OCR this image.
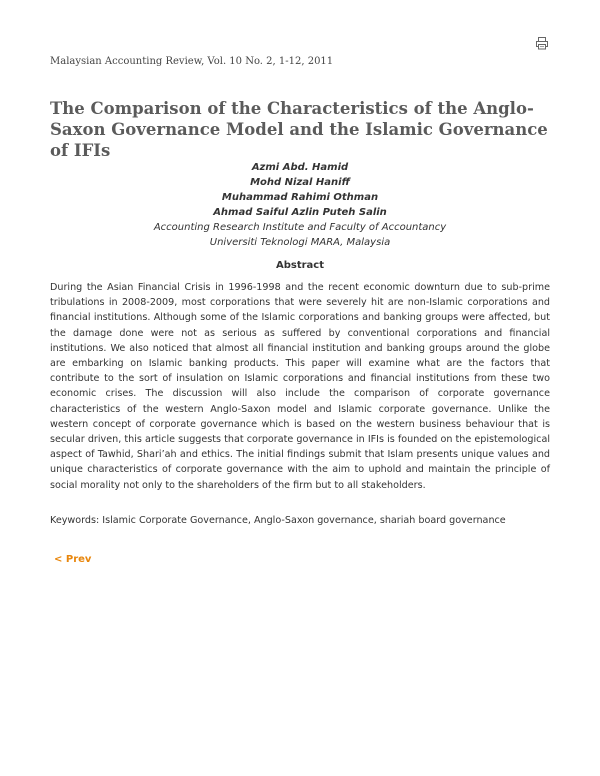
Malaysian Accounting Review, Vol. 10 No. 2, 1-12, 2011
The Comparison of the Characteristics of the Anglo-Saxon Governance Model and the Islamic Governance of IFIs
Azmi Abd. Hamid
Mohd Nizal Haniff
Muhammad Rahimi Othman
Ahmad Saiful Azlin Puteh Salin
Accounting Research Institute and Faculty of Accountancy
Universiti Teknologi MARA, Malaysia
Abstract

During the Asian Financial Crisis in 1996-1998 and the recent economic downturn due to sub-prime tribulations in 2008-2009, most corporations that were severely hit are non-Islamic corporations and financial institutions. Although some of the Islamic corporations and banking groups were affected, but the damage done were not as serious as suffered by conventional corporations and financial institutions. We also noticed that almost all financial institution and banking groups around the globe are embarking on Islamic banking products. This paper will examine what are the factors that contribute to the sort of insulation on Islamic corporations and financial institutions from these two economic crises. The discussion will also include the comparison of corporate governance characteristics of the western Anglo-Saxon model and Islamic corporate governance. Unlike the western concept of corporate governance which is based on the western business behaviour that is secular driven, this article suggests that corporate governance in IFIs is founded on the epistemological aspect of Tawhid, Shari’ah and ethics. The initial findings submit that Islam presents unique values and unique characteristics of corporate governance with the aim to uphold and maintain the principle of social morality not only to the shareholders of the firm but to all stakeholders.

Keywords: Islamic Corporate Governance, Anglo-Saxon governance, shariah board governance

< Prev
